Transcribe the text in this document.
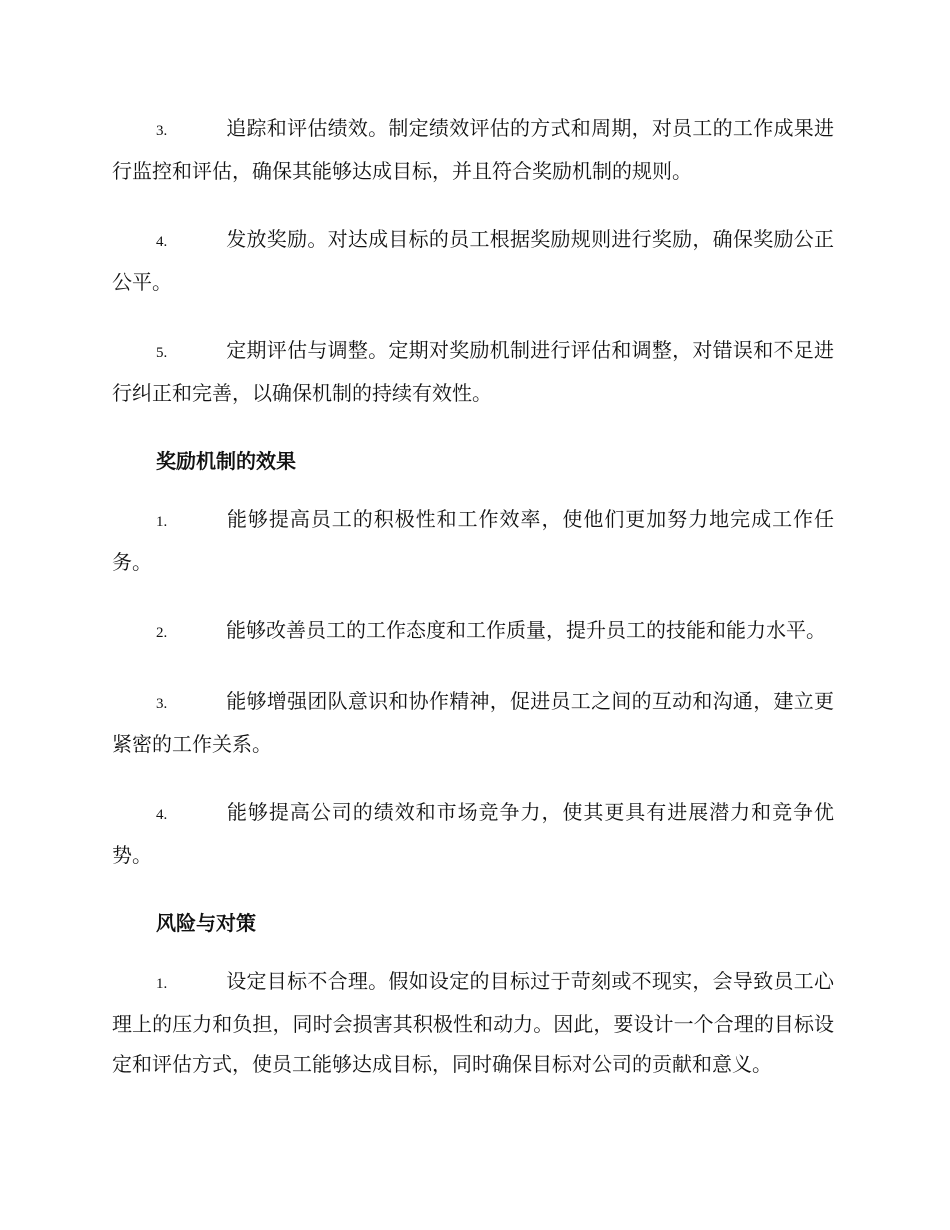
3.	追踪和评估绩效。制定绩效评估的方式和周期，对员工的工作成果进行监控和评估，确保其能够达成目标，并且符合奖励机制的规则。

4.	发放奖励。对达成目标的员工根据奖励规则进行奖励，确保奖励公正公平。

5.	定期评估与调整。定期对奖励机制进行评估和调整，对错误和不足进行纠正和完善，以确保机制的持续有效性。

奖励机制的效果

1.	能够提高员工的积极性和工作效率，使他们更加努力地完成工作任务。

2.	能够改善员工的工作态度和工作质量，提升员工的技能和能力水平。

3.	能够增强团队意识和协作精神，促进员工之间的互动和沟通，建立更紧密的工作关系。

4.	能够提高公司的绩效和市场竞争力，使其更具有进展潜力和竞争优势。

风险与对策

1.	设定目标不合理。假如设定的目标过于苛刻或不现实，会导致员工心理上的压力和负担，同时会损害其积极性和动力。因此，要设计一个合理的目标设定和评估方式，使员工能够达成目标，同时确保目标对公司的贡献和意义。
